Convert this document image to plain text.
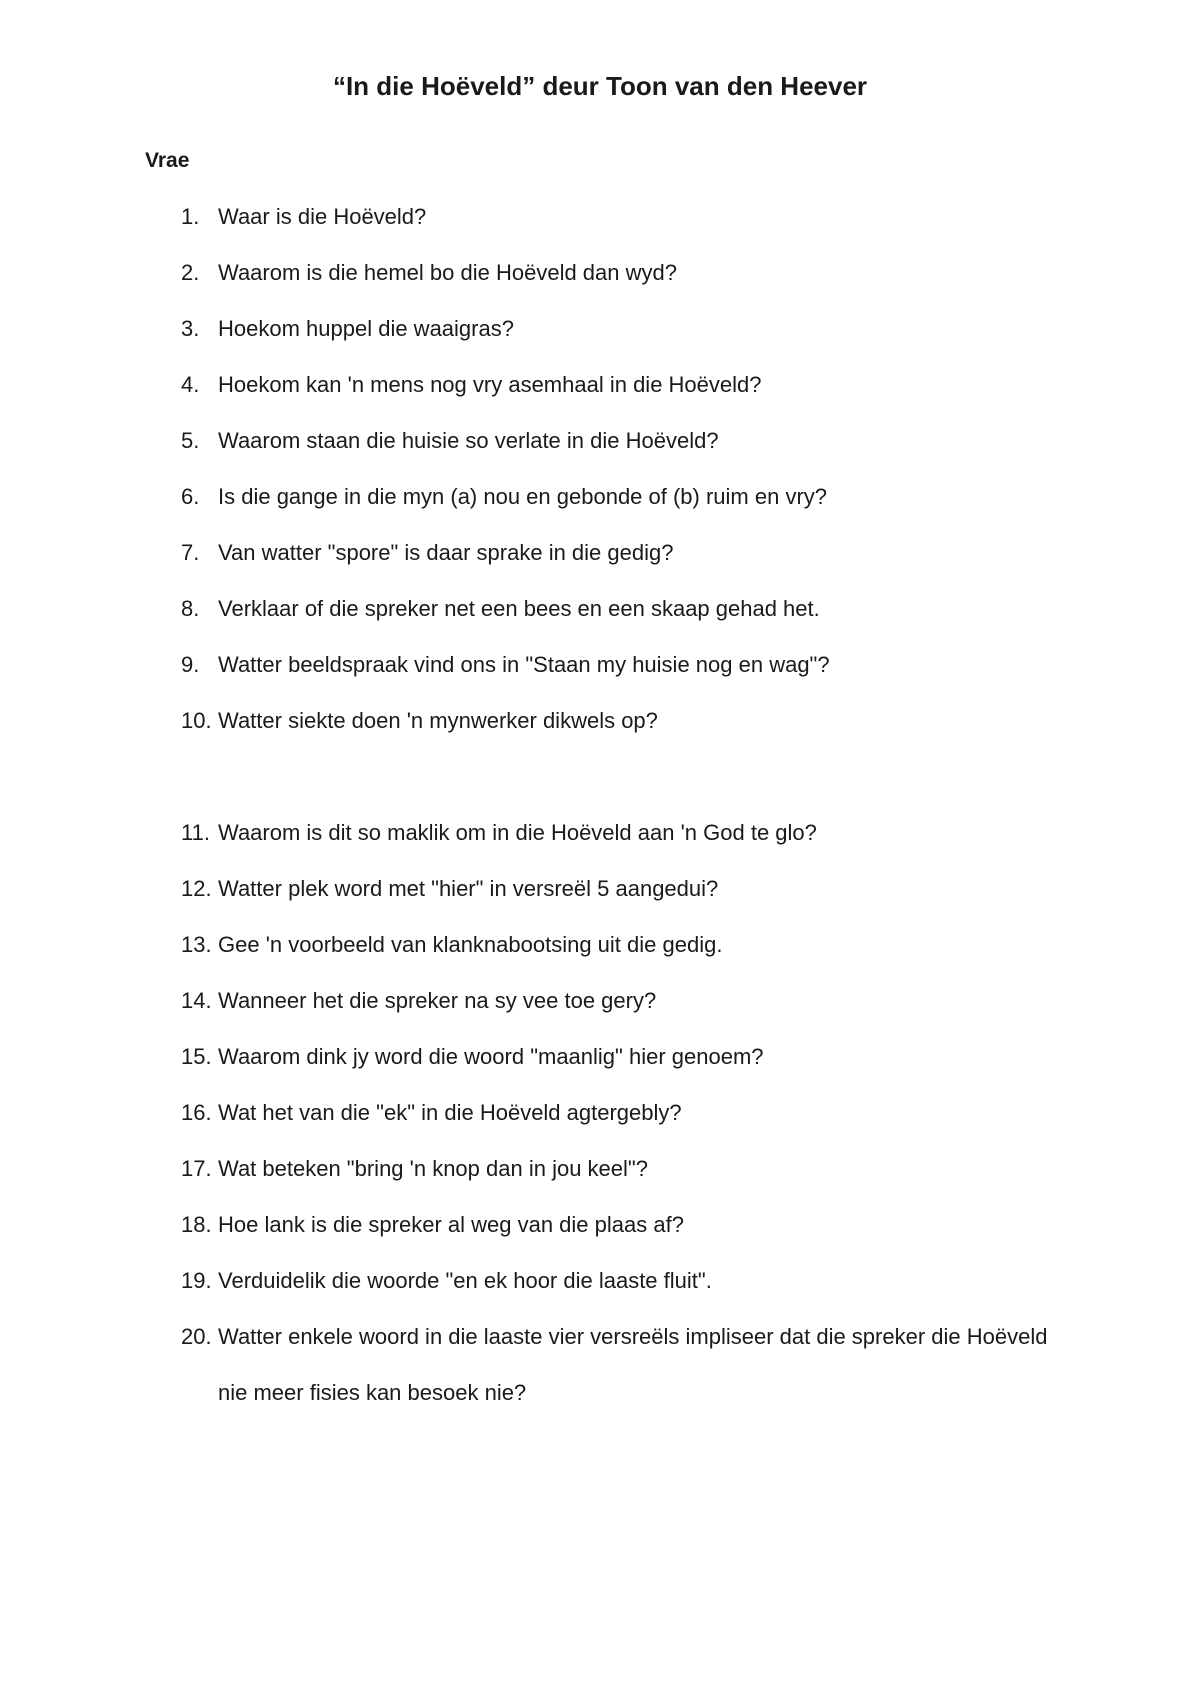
“In die Hoëveld” deur Toon van den Heever
Vrae
1. Waar is die Hoëveld?
2. Waarom is die hemel bo die Hoëveld dan wyd?
3. Hoekom huppel die waaigras?
4. Hoekom kan 'n mens nog vry asemhaal in die Hoëveld?
5. Waarom staan die huisie so verlate in die Hoëveld?
6. Is die gange in die myn (a) nou en gebonde of (b) ruim en vry?
7. Van watter "spore" is daar sprake in die gedig?
8. Verklaar of die spreker net een bees en een skaap gehad het.
9. Watter beeldspraak vind ons in "Staan my huisie nog en wag"?
10. Watter siekte doen 'n mynwerker dikwels op?
11. Waarom is dit so maklik om in die Hoëveld aan 'n God te glo?
12. Watter plek word met "hier" in versreël 5 aangedui?
13. Gee 'n voorbeeld van klanknabootsing uit die gedig.
14. Wanneer het die spreker na sy vee toe gery?
15. Waarom dink jy word die woord "maanlig" hier genoem?
16. Wat het van die "ek" in die Hoëveld agtergebly?
17. Wat beteken "bring 'n knop dan in jou keel"?
18. Hoe lank is die spreker al weg van die plaas af?
19. Verduidelik die woorde "en ek hoor die laaste fluit".
20. Watter enkele woord in die laaste vier versreëls impliseer dat die spreker die Hoëveld nie meer fisies kan besoek nie?
